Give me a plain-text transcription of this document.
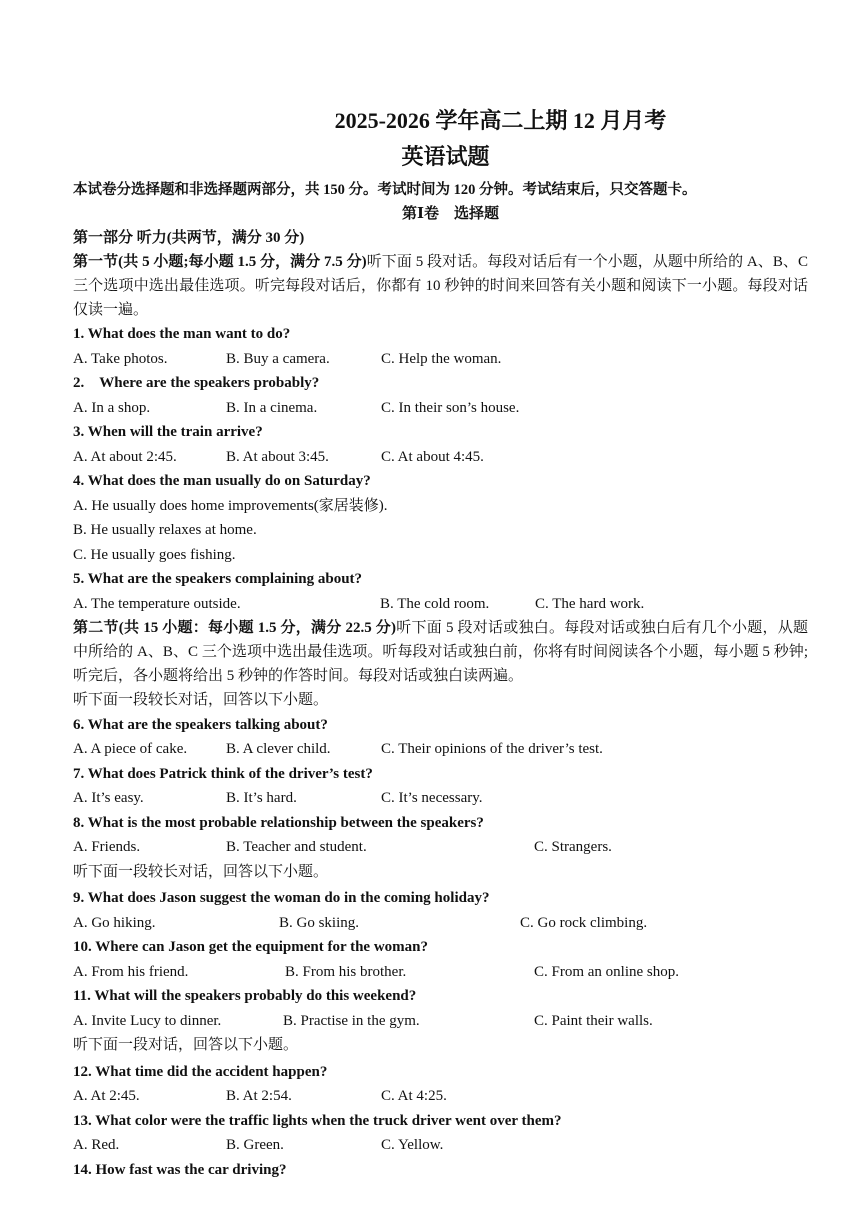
2025-2026 学年高二上期 12 月月考
英语试题
本试卷分选择题和非选择题两部分，共 150 分。考试时间为 120 分钟。考试结束后，只交答题卡。
第Ⅰ卷　选择题
第一部分 听力(共两节，满分 30 分)
第一节(共 5 小题;每小题 1.5 分，满分 7.5 分)听下面 5 段对话。每段对话后有一个小题，从题中所给的 A、B、C 三个选项中选出最佳选项。听完每段对话后，你都有 10 秒钟的时间来回答有关小题和阅读下一小题。每段对话仅读一遍。
1. What does the man want to do?
A. Take photos.	B. Buy a camera.	C. Help the woman.
2.　Where are the speakers probably?
A. In a shop.	B. In a cinema.	C. In their son’s house.
3. When will the train arrive?
A. At about 2:45.	B. At about 3:45.	C. At about 4:45.
4. What does the man usually do on Saturday?
A. He usually does home improvements(家居装修).
B. He usually relaxes at home.
C. He usually goes fishing.
5. What are the speakers complaining about?
A. The temperature outside.	B. The cold room.	C. The hard work.
第二节(共 15 小题：每小题 1.5 分，满分 22.5 分)听下面 5 段对话或独白。每段对话或独白后有几个小题，从题中所给的 A、B、C 三个选项中选出最佳选项。听每段对话或独白前，你将有时间阅读各个小题，每小题 5 秒钟;听完后，各小题将给出 5 秒钟的作答时间。每段对话或独白读两遍。
听下面一段较长对话，回答以下小题。
6. What are the speakers talking about?
A. A piece of cake.	B. A clever child.	C. Their opinions of the driver’s test.
7. What does Patrick think of the driver’s test?
A. It’s easy.	B. It’s hard.	C. It’s necessary.
8. What is the most probable relationship between the speakers?
A. Friends.	B. Teacher and student.	C. Strangers.
听下面一段较长对话，回答以下小题。
9. What does Jason suggest the woman do in the coming holiday?
A. Go hiking.	B. Go skiing.	C. Go rock climbing.
10. Where can Jason get the equipment for the woman?
A. From his friend.	B. From his brother.	C. From an online shop.
11. What will the speakers probably do this weekend?
A. Invite Lucy to dinner.	B. Practise in the gym.	C. Paint their walls.
听下面一段对话，回答以下小题。
12. What time did the accident happen?
A. At 2:45.	B. At 2:54.	C. At 4:25.
13. What color were the traffic lights when the truck driver went over them?
A. Red.	B. Green.	C. Yellow.
14. How fast was the car driving?
